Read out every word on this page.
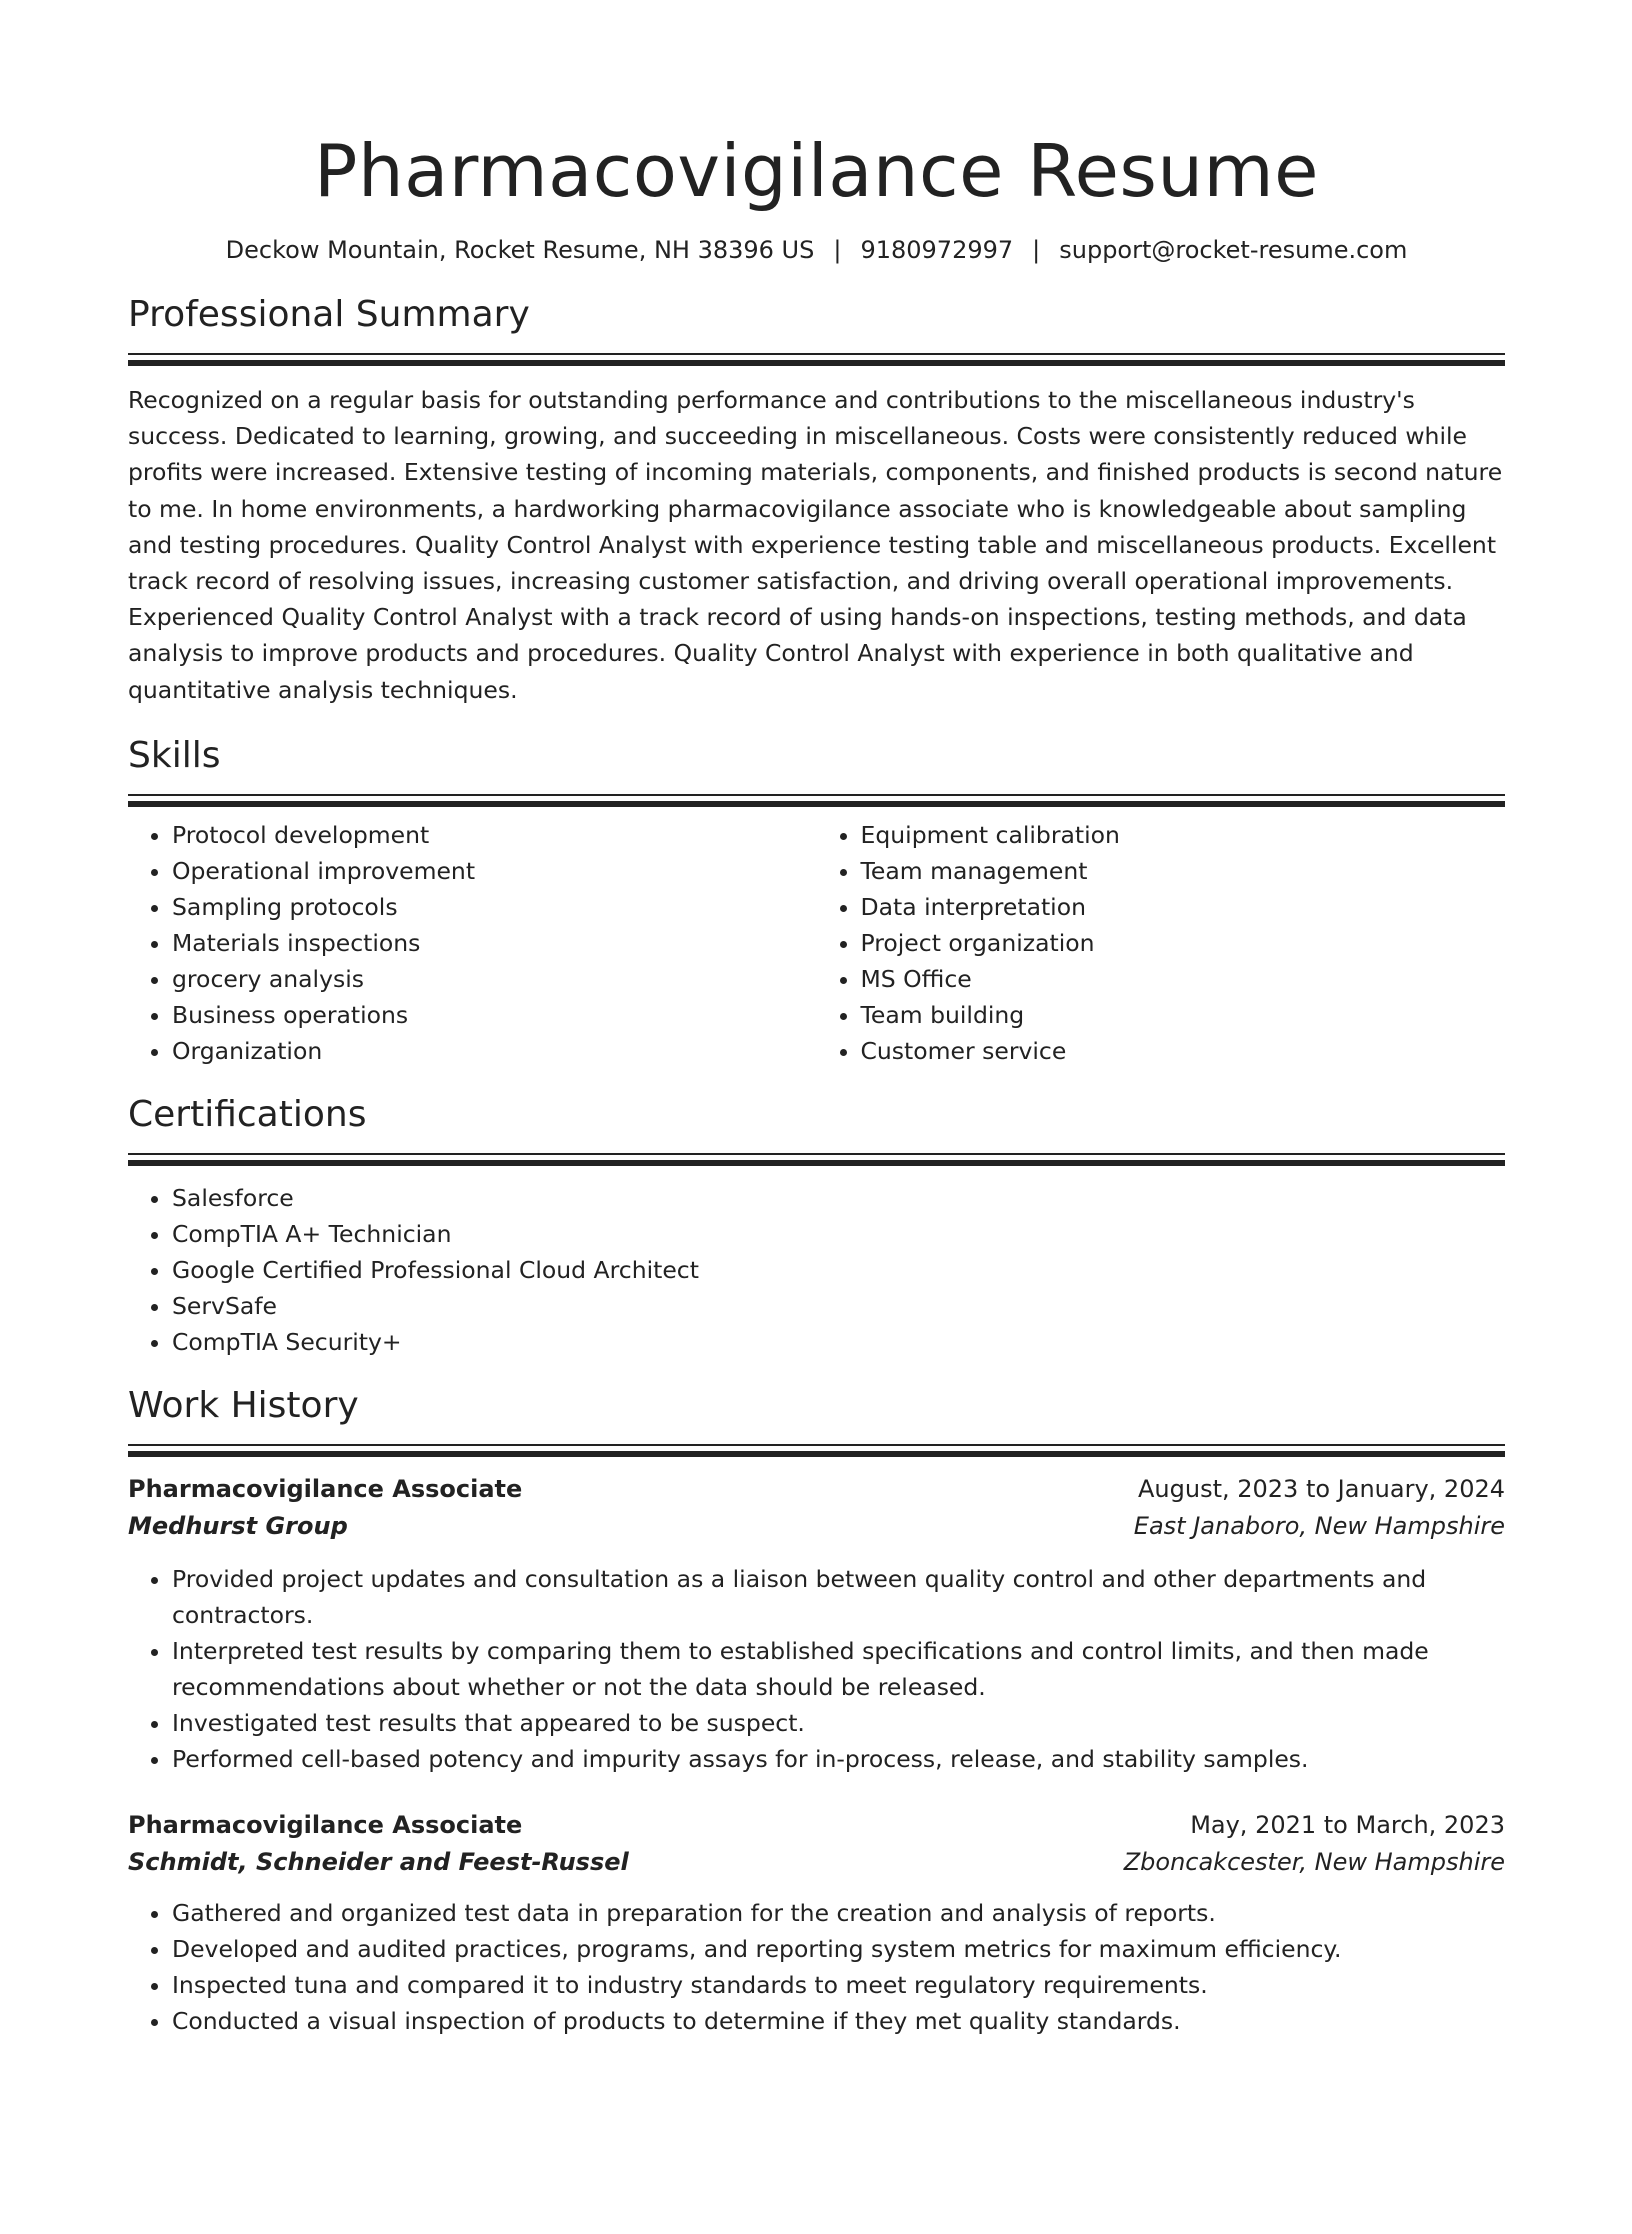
Pharmacovigilance Resume
Deckow Mountain, Rocket Resume, NH 38396 US | 9180972997 | support@rocket-resume.com
Professional Summary

Recognized on a regular basis for outstanding performance and contributions to the miscellaneous industry's success. Dedicated to learning, growing, and succeeding in miscellaneous. Costs were consistently reduced while profits were increased. Extensive testing of incoming materials, components, and finished products is second nature to me. In home environments, a hardworking pharmacovigilance associate who is knowledgeable about sampling and testing procedures. Quality Control Analyst with experience testing table and miscellaneous products. Excellent track record of resolving issues, increasing customer satisfaction, and driving overall operational improvements. Experienced Quality Control Analyst with a track record of using hands-on inspections, testing methods, and data analysis to improve products and procedures. Quality Control Analyst with experience in both qualitative and quantitative analysis techniques.

Skills
• Protocol development
• Operational improvement
• Sampling protocols
• Materials inspections
• grocery analysis
• Business operations
• Organization
• Equipment calibration
• Team management
• Data interpretation
• Project organization
• MS Office
• Team building
• Customer service
Certifications
• Salesforce
• CompTIA A+ Technician
• Google Certified Professional Cloud Architect
• ServSafe
• CompTIA Security+
Work History
Pharmacovigilance Associate	August, 2023 to January, 2024
Medhurst Group	East Janaboro, New Hampshire
• Provided project updates and consultation as a liaison between quality control and other departments and contractors.
• Interpreted test results by comparing them to established specifications and control limits, and then made recommendations about whether or not the data should be released.
• Investigated test results that appeared to be suspect.
• Performed cell-based potency and impurity assays for in-process, release, and stability samples.
Pharmacovigilance Associate	May, 2021 to March, 2023
Schmidt, Schneider and Feest-Russel	Zboncakcester, New Hampshire
• Gathered and organized test data in preparation for the creation and analysis of reports.
• Developed and audited practices, programs, and reporting system metrics for maximum efficiency.
• Inspected tuna and compared it to industry standards to meet regulatory requirements.
• Conducted a visual inspection of products to determine if they met quality standards.
